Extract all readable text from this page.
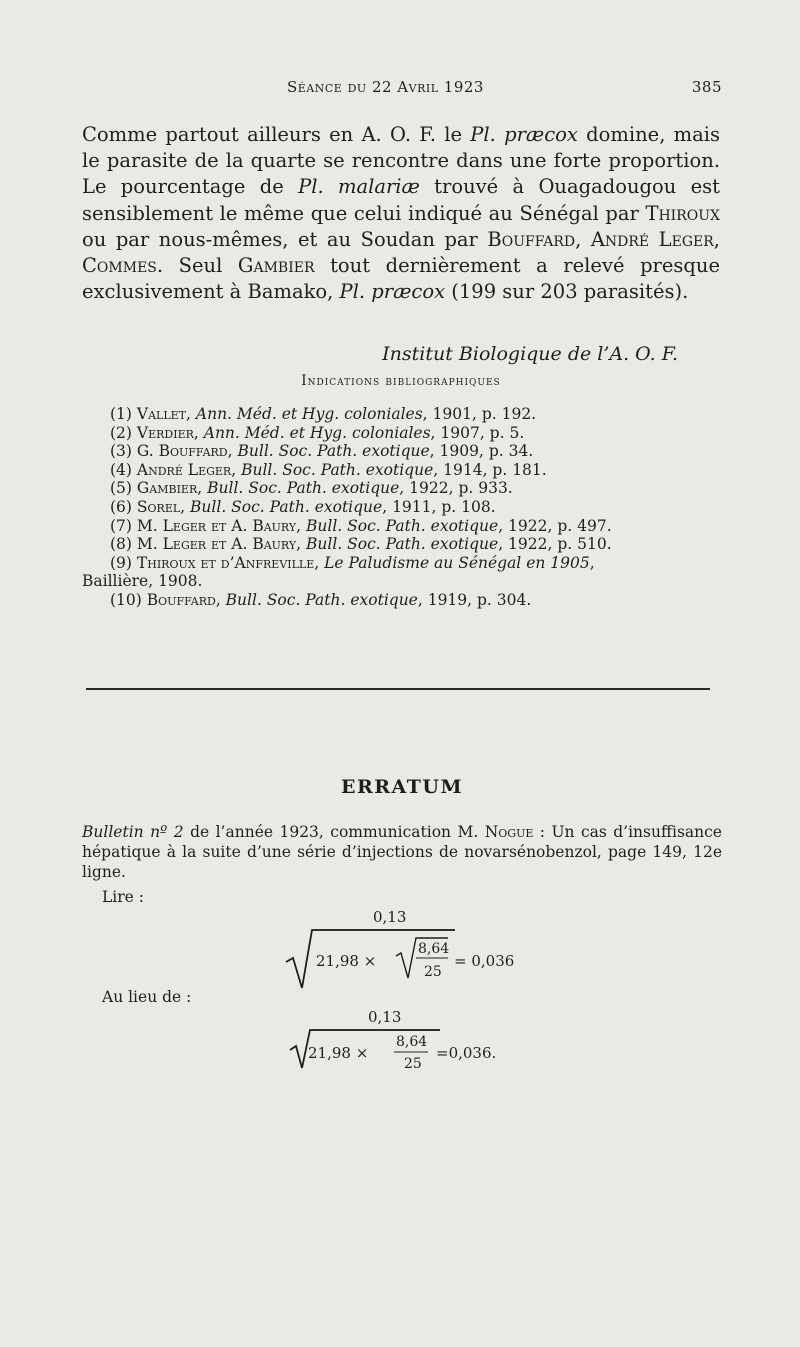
Séance du 22 Avril 1923	385

Comme partout ailleurs en A. O. F. le Pl. præcox domine, mais le parasite de la quarte se rencontre dans une forte proportion. Le pourcentage de Pl. malariæ trouvé à Ouagadougou est sensiblement le même que celui indiqué au Sénégal par Thiroux ou par nous-mêmes, et au Soudan par Bouffard, André Leger, Commes. Seul Gambier tout dernièrement a relevé presque exclusivement à Bamako, Pl. præcox (199 sur 203 parasités).

Institut Biologique de l’A. O. F.
Indications bibliographiques
(1) Vallet, Ann. Méd. et Hyg. coloniales, 1901, p. 192.
(2) Verdier, Ann. Méd. et Hyg. coloniales, 1907, p. 5.
(3) G. Bouffard, Bull. Soc. Path. exotique, 1909, p. 34.
(4) André Leger, Bull. Soc. Path. exotique, 1914, p. 181.
(5) Gambier, Bull. Soc. Path. exotique, 1922, p. 933.
(6) Sorel, Bull. Soc. Path. exotique, 1911, p. 108.
(7) M. Leger et A. Baury, Bull. Soc. Path. exotique, 1922, p. 497.
(8) M. Leger et A. Baury, Bull. Soc. Path. exotique, 1922, p. 510.
(9) Thiroux et d’Anfreville, Le Paludisme au Sénégal en 1905,
Baillière, 1908.
(10) Bouffard, Bull. Soc. Path. exotique, 1919, p. 304.
ERRATUM

Bulletin nº 2 de l’année 1923, communication M. Nogue : Un cas d’insuffisance hépatique à la suite d’une série d’injections de novarsénobenzol, page 149, 12e ligne.

Lire :
Au lieu de :
0,13
21,98 ×
8,64
25
= 0,036
0,13
21,98 ×
8,64
25
=0,036.
